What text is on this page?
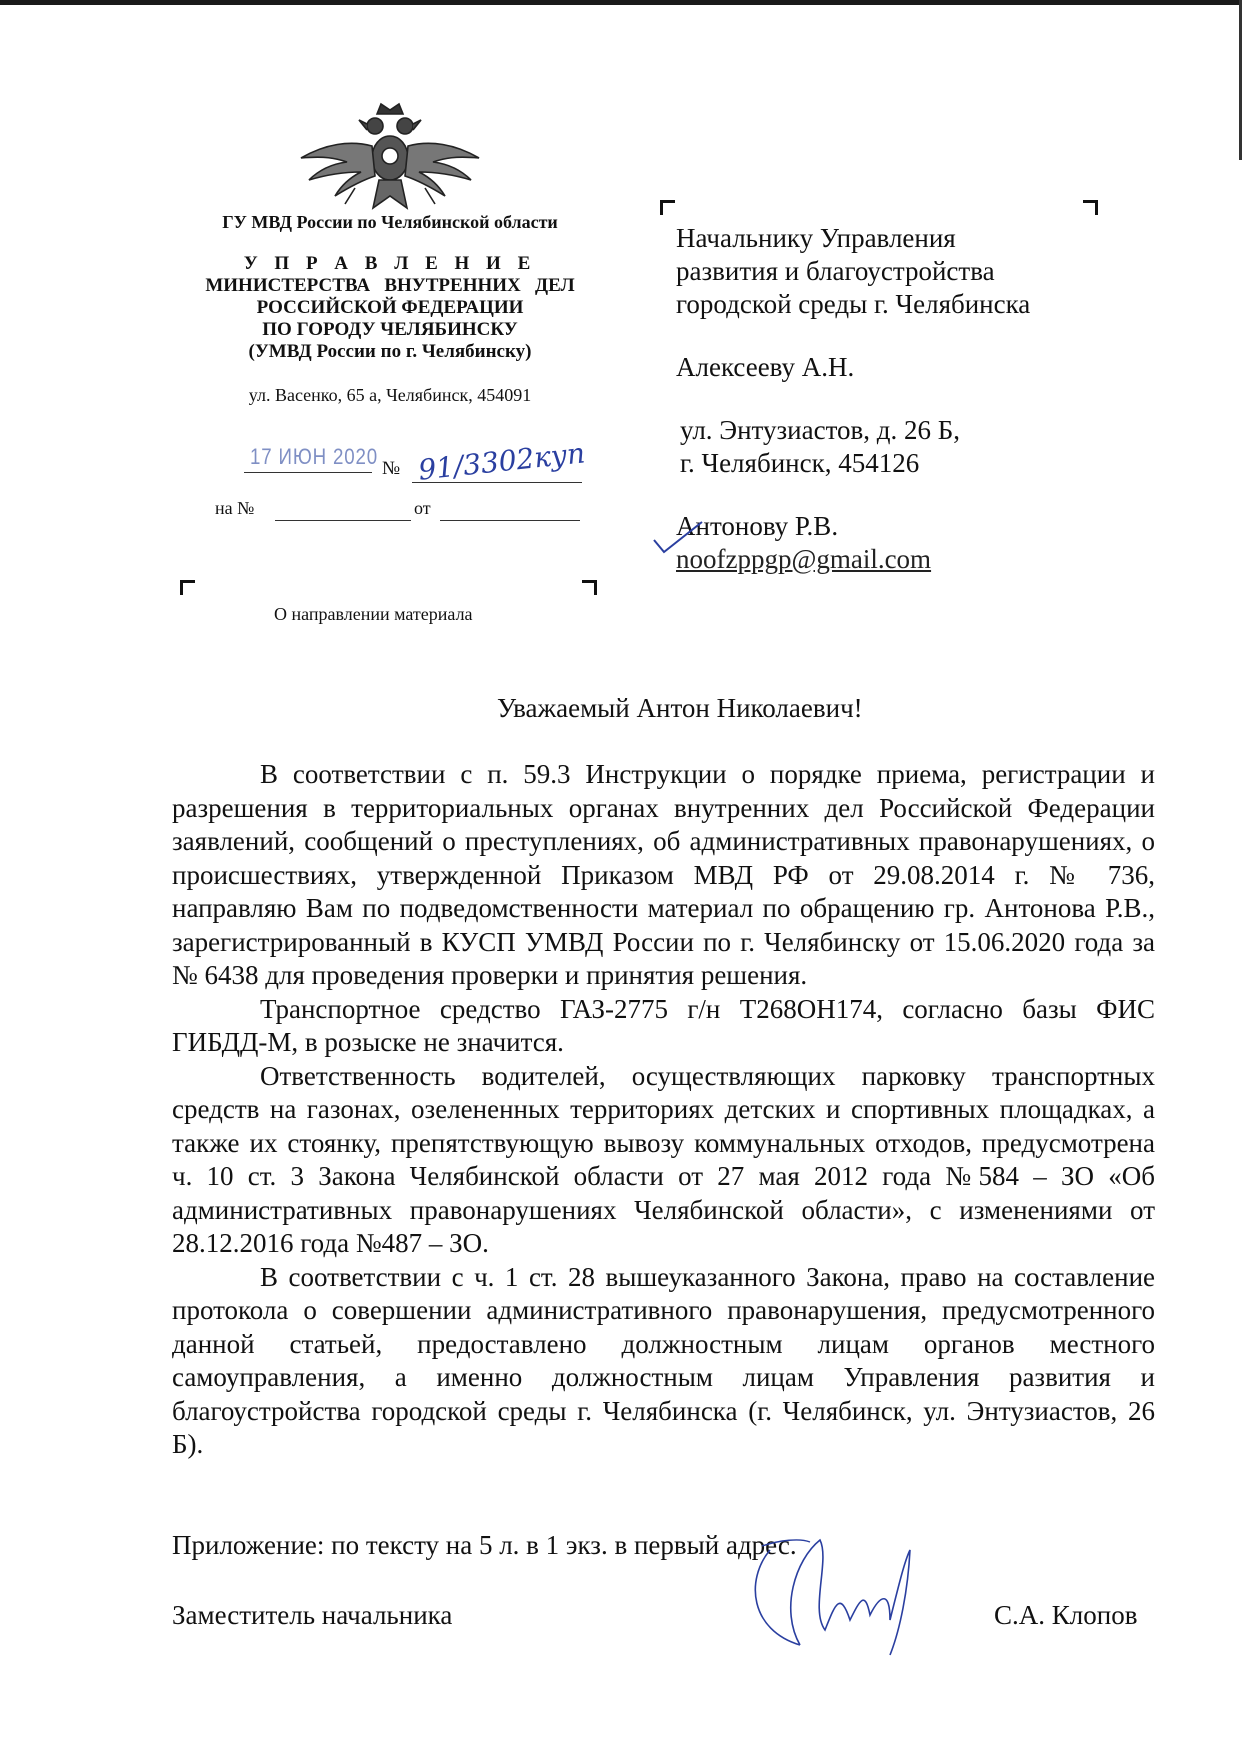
ГУ МВД России по Челябинской области
У П Р А В Л Е Н И Е
МИНИСТЕРСТВА   ВНУТРЕННИХ   ДЕЛ
РОССИЙСКОЙ ФЕДЕРАЦИИ
ПО ГОРОДУ ЧЕЛЯБИНСКУ
(УМВД России по г. Челябинску)
ул. Васенко, 65 а, Челябинск, 454091
17 ИЮН 2020 № 91/3302куп
на №	от
О направлении материала
Начальнику Управления
развития и благоустройства
городской среды г. Челябинска
Алексееву А.Н.
ул. Энтузиастов, д. 26 Б,
г. Челябинск, 454126
Антонову Р.В.
noofzppgp@gmail.com
Уважаемый Антон Николаевич!

В соответствии с п. 59.3 Инструкции о порядке приема, регистрации и разрешения в территориальных органах внутренних дел Российской Федерации заявлений, сообщений о преступлениях, об административных правонарушениях, о происшествиях, утвержденной Приказом МВД РФ от 29.08.2014 г. № 736, направляю Вам по подведомственности материал по обращению гр. Антонова Р.В., зарегистрированный в КУСП УМВД России по г. Челябинску от 15.06.2020 года за № 6438 для проведения проверки и принятия решения.

Транспортное средство ГАЗ-2775 г/н Т268ОН174, согласно базы ФИС ГИБДД-М, в розыске не значится.

Ответственность водителей, осуществляющих парковку транспортных средств на газонах, озелененных территориях детских и спортивных площадках, а также их стоянку, препятствующую вывозу коммунальных отходов, предусмотрена ч. 10 ст. 3 Закона Челябинской области от 27 мая 2012 года №584 – ЗО «Об административных правонарушениях Челябинской области», с изменениями от 28.12.2016 года №487 – ЗО.

В соответствии с ч. 1 ст. 28 вышеуказанного Закона, право на составление протокола о совершении административного правонарушения, предусмотренного данной статьей, предоставлено должностным лицам органов местного самоуправления, а именно должностным лицам Управления развития и благоустройства городской среды г. Челябинска (г. Челябинск, ул. Энтузиастов, 26 Б).

Приложение: по тексту на 5 л. в 1 экз. в первый адрес.
Заместитель начальника	С.А. Клопов
